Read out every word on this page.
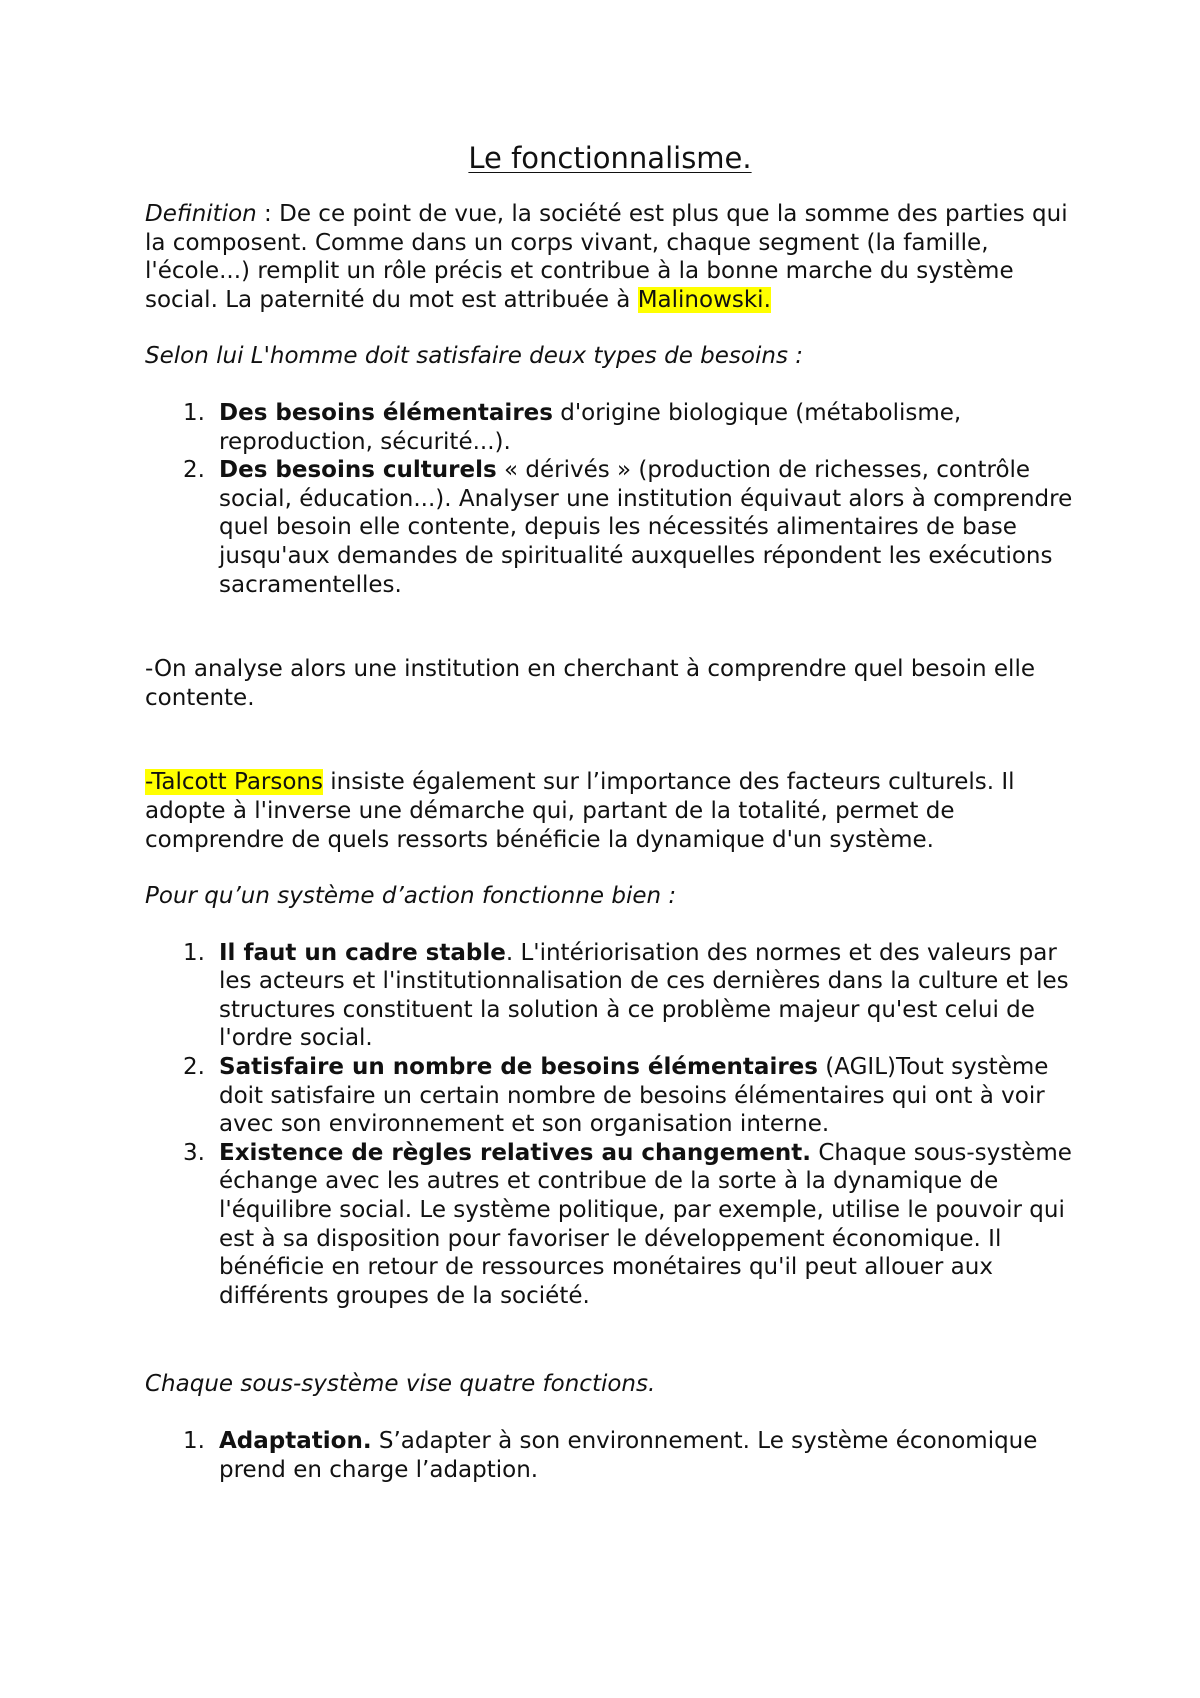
Le fonctionnalisme.

Definition : De ce point de vue, la société est plus que la somme des parties qui la composent. Comme dans un corps vivant, chaque segment (la famille, l'école...) remplit un rôle précis et contribue à la bonne marche du système social. La paternité du mot est attribuée à Malinowski.

Selon lui L'homme doit satisfaire deux types de besoins :

1. Des besoins élémentaires d'origine biologique (métabolisme, reproduction, sécurité...).
2. Des besoins culturels « dérivés » (production de richesses, contrôle social, éducation...). Analyser une institution équivaut alors à comprendre quel besoin elle contente, depuis les nécessités alimentaires de base jusqu'aux demandes de spiritualité auxquelles répondent les exécutions sacramentelles.

-On analyse alors une institution en cherchant à comprendre quel besoin elle contente.

-Talcott Parsons insiste également sur l’importance des facteurs culturels. Il adopte à l'inverse une démarche qui, partant de la totalité, permet de comprendre de quels ressorts bénéficie la dynamique d'un système.

Pour qu’un système d’action fonctionne bien :

1. Il faut un cadre stable. L'intériorisation des normes et des valeurs par les acteurs et l'institutionnalisation de ces dernières dans la culture et les structures constituent la solution à ce problème majeur qu'est celui de l'ordre social.
2. Satisfaire un nombre de besoins élémentaires (AGIL)Tout système doit satisfaire un certain nombre de besoins élémentaires qui ont à voir avec son environnement et son organisation interne.
3. Existence de règles relatives au changement. Chaque sous-système échange avec les autres et contribue de la sorte à la dynamique de l'équilibre social. Le système politique, par exemple, utilise le pouvoir qui est à sa disposition pour favoriser le développement économique. Il bénéficie en retour de ressources monétaires qu'il peut allouer aux différents groupes de la société.

Chaque sous-système vise quatre fonctions.

1. Adaptation. S’adapter à son environnement. Le système économique prend en charge l’adaption.
